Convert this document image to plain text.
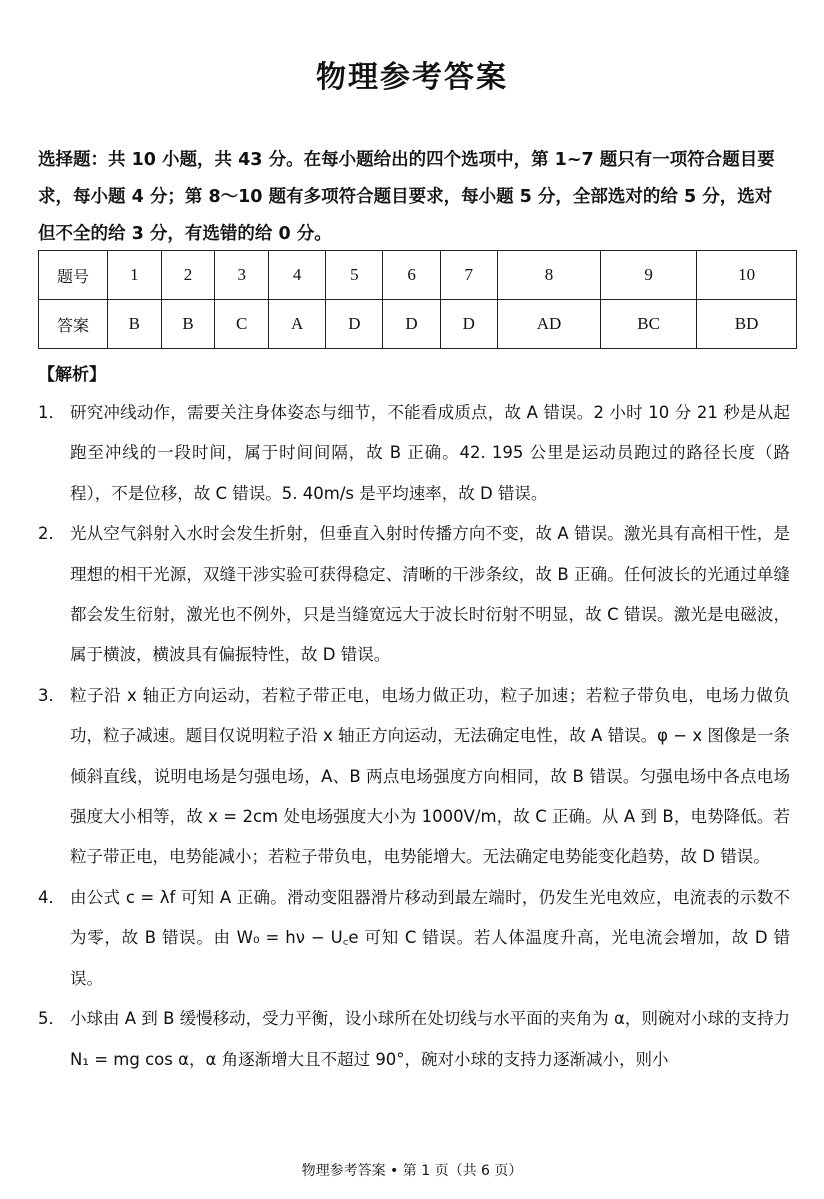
物理参考答案
选择题：共 10 小题，共 43 分。在每小题给出的四个选项中，第 1~7 题只有一项符合题目要求，每小题 4 分；第 8～10 题有多项符合题目要求，每小题 5 分，全部选对的给 5 分，选对但不全的给 3 分，有选错的给 0 分。
题号	1	2	3	4	5	6	7	8	9	10
答案	B	B	C	A	D	D	D	AD	BC	BD
【解析】
1． 研究冲线动作，需要关注身体姿态与细节，不能看成质点，故 A 错误。2 小时 10 分 21 秒是从起跑至冲线的一段时间，属于时间间隔，故 B 正确。42. 195 公里是运动员跑过的路径长度（路程），不是位移，故 C 错误。5. 40m/s 是平均速率，故 D 错误。
2． 光从空气斜射入水时会发生折射，但垂直入射时传播方向不变，故 A 错误。激光具有高相干性，是理想的相干光源，双缝干涉实验可获得稳定、清晰的干涉条纹，故 B 正确。任何波长的光通过单缝都会发生衍射，激光也不例外，只是当缝宽远大于波长时衍射不明显，故 C 错误。激光是电磁波，属于横波，横波具有偏振特性，故 D 错误。
3． 粒子沿 x 轴正方向运动，若粒子带正电，电场力做正功，粒子加速；若粒子带负电，电场力做负功，粒子减速。题目仅说明粒子沿 x 轴正方向运动，无法确定电性，故 A 错误。φ − x 图像是一条倾斜直线，说明电场是匀强电场，A、B 两点电场强度方向相同，故 B 错误。匀强电场中各点电场强度大小相等，故 x = 2cm 处电场强度大小为 1000V/m，故 C 正确。从 A 到 B，电势降低。若粒子带正电，电势能减小；若粒子带负电，电势能增大。无法确定电势能变化趋势，故 D 错误。
4． 由公式 c = λf 可知 A 正确。滑动变阻器滑片移动到最左端时，仍发生光电效应，电流表的示数不为零，故 B 错误。由 W₀ = hν − U꜀e 可知 C 错误。若人体温度升高，光电流会增加，故 D 错误。
5． 小球由 A 到 B 缓慢移动，受力平衡，设小球所在处切线与水平面的夹角为 α，则碗对小球的支持力 N₁ = mg cos α，α 角逐渐增大且不超过 90°，碗对小球的支持力逐渐减小，则小
物理参考答案 • 第 1 页（共 6 页）
